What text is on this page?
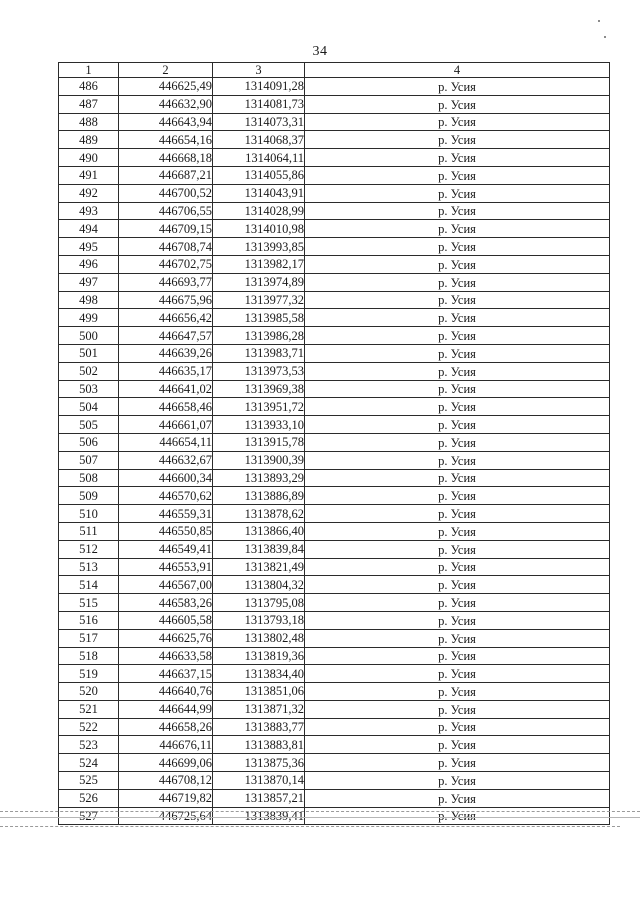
34
1	2	3	4
486	446625,49	1314091,28	р. Усия
487	446632,90	1314081,73	р. Усия
488	446643,94	1314073,31	р. Усия
489	446654,16	1314068,37	р. Усия
490	446668,18	1314064,11	р. Усия
491	446687,21	1314055,86	р. Усия
492	446700,52	1314043,91	р. Усия
493	446706,55	1314028,99	р. Усия
494	446709,15	1314010,98	р. Усия
495	446708,74	1313993,85	р. Усия
496	446702,75	1313982,17	р. Усия
497	446693,77	1313974,89	р. Усия
498	446675,96	1313977,32	р. Усия
499	446656,42	1313985,58	р. Усия
500	446647,57	1313986,28	р. Усия
501	446639,26	1313983,71	р. Усия
502	446635,17	1313973,53	р. Усия
503	446641,02	1313969,38	р. Усия
504	446658,46	1313951,72	р. Усия
505	446661,07	1313933,10	р. Усия
506	446654,11	1313915,78	р. Усия
507	446632,67	1313900,39	р. Усия
508	446600,34	1313893,29	р. Усия
509	446570,62	1313886,89	р. Усия
510	446559,31	1313878,62	р. Усия
511	446550,85	1313866,40	р. Усия
512	446549,41	1313839,84	р. Усия
513	446553,91	1313821,49	р. Усия
514	446567,00	1313804,32	р. Усия
515	446583,26	1313795,08	р. Усия
516	446605,58	1313793,18	р. Усия
517	446625,76	1313802,48	р. Усия
518	446633,58	1313819,36	р. Усия
519	446637,15	1313834,40	р. Усия
520	446640,76	1313851,06	р. Усия
521	446644,99	1313871,32	р. Усия
522	446658,26	1313883,77	р. Усия
523	446676,11	1313883,81	р. Усия
524	446699,06	1313875,36	р. Усия
525	446708,12	1313870,14	р. Усия
526	446719,82	1313857,21	р. Усия
527	446725,64	1313839,41	р. Усия
